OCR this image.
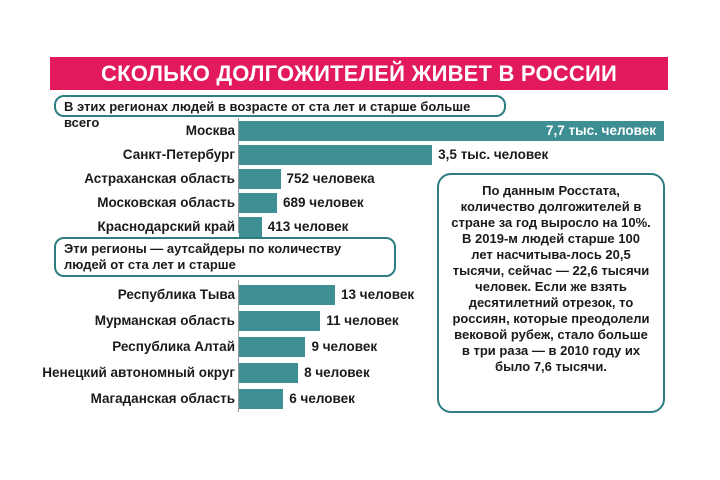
СКОЛЬКО ДОЛГОЖИТЕЛЕЙ ЖИВЕТ В РОССИИ
В этих регионах людей в возрасте от ста лет и старше больше всего
Москва	7,7 тыс. человек
Санкт-Петербург	3,5 тыс. человек
Астраханская область	752 человека
Московская область	689 человек
Краснодарский край 413 человек
Эти регионы — аутсайдеры по количеству людей от ста лет и старше
Республика Тыва	13 человек
Мурманская область	11 человек
Республика Алтай	9 человек
Ненецкий автономный округ	8 человек
Магаданская область	6 человек
По данным Росстата, количество долгожителей в стране за год выросло на 10%. В 2019-м людей старше 100 лет насчитыва-лось 20,5 тысячи, сейчас — 22,6 тысячи человек. Если же взять десятилетний отрезок, то россиян, которые преодолели вековой рубеж, стало больше в три раза — в 2010 году их было 7,6 тысячи.
